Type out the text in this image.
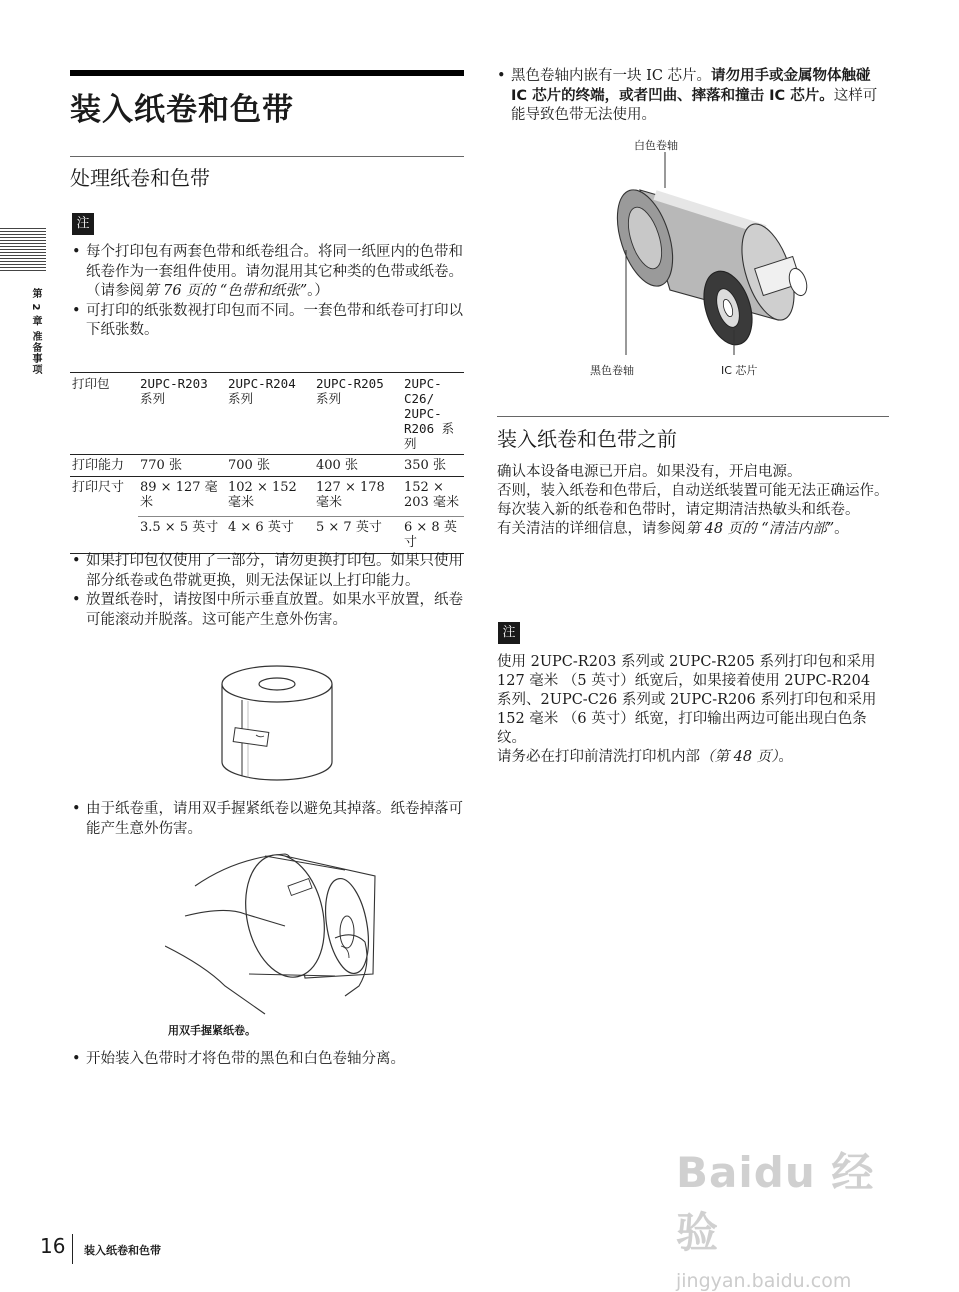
第 2 章 准备事项
装入纸卷和色带
处理纸卷和色带
注
• 每个打印包有两套色带和纸卷组合。将同一纸匣内的色带和纸卷作为一套组件使用。请勿混用其它种类的色带或纸卷。（请参阅第 76 页的 “色带和纸张”。）
• 可打印的纸张数视打印包而不同。一套色带和纸卷可打印以下纸张数。
打印包	2UPC-R203 系列	2UPC-R204 系列	2UPC-R205 系列	2UPC-C26/ 2UPC-R206 系列
打印能力	770 张	700 张	400 张	350 张
打印尺寸	89 × 127 毫米	102 × 152 毫米	127 × 178 毫米	152 × 203 毫米
	3.5 × 5 英寸	4 × 6 英寸	5 × 7 英寸	6 × 8 英寸
• 如果打印包仅使用了一部分，请勿更换打印包。如果只使用部分纸卷或色带就更换，则无法保证以上打印能力。
• 放置纸卷时，请按图中所示垂直放置。如果水平放置，纸卷可能滚动并脱落。这可能产生意外伤害。
• 由于纸卷重，请用双手握紧纸卷以避免其掉落。纸卷掉落可能产生意外伤害。
用双手握紧纸卷。
• 开始装入色带时才将色带的黑色和白色卷轴分离。
• 黑色卷轴内嵌有一块 IC 芯片。请勿用手或金属物体触碰 IC 芯片的终端，或者凹曲、摔落和撞击 IC 芯片。这样可能导致色带无法使用。
白色卷轴
黑色卷轴	IC 芯片
装入纸卷和色带之前
确认本设备电源已开启。如果没有，开启电源。
否则，装入纸卷和色带后，自动送纸装置可能无法正确运作。
每次装入新的纸卷和色带时，请定期清洁热敏头和纸卷。
有关清洁的详细信息，请参阅第 48 页的 “清洁内部”。
注
使用 2UPC-R203 系列或 2UPC-R205 系列打印包和采用 127 毫米 （5 英寸）纸宽后，如果接着使用 2UPC-R204 系列、2UPC-C26 系列或 2UPC-R206 系列打印包和采用 152 毫米 （6 英寸）纸宽，打印输出两边可能出现白色条纹。
请务必在打印前清洗打印机内部（第 48 页）。
Baidu 经验
jingyan.baidu.com
16 装入纸卷和色带
